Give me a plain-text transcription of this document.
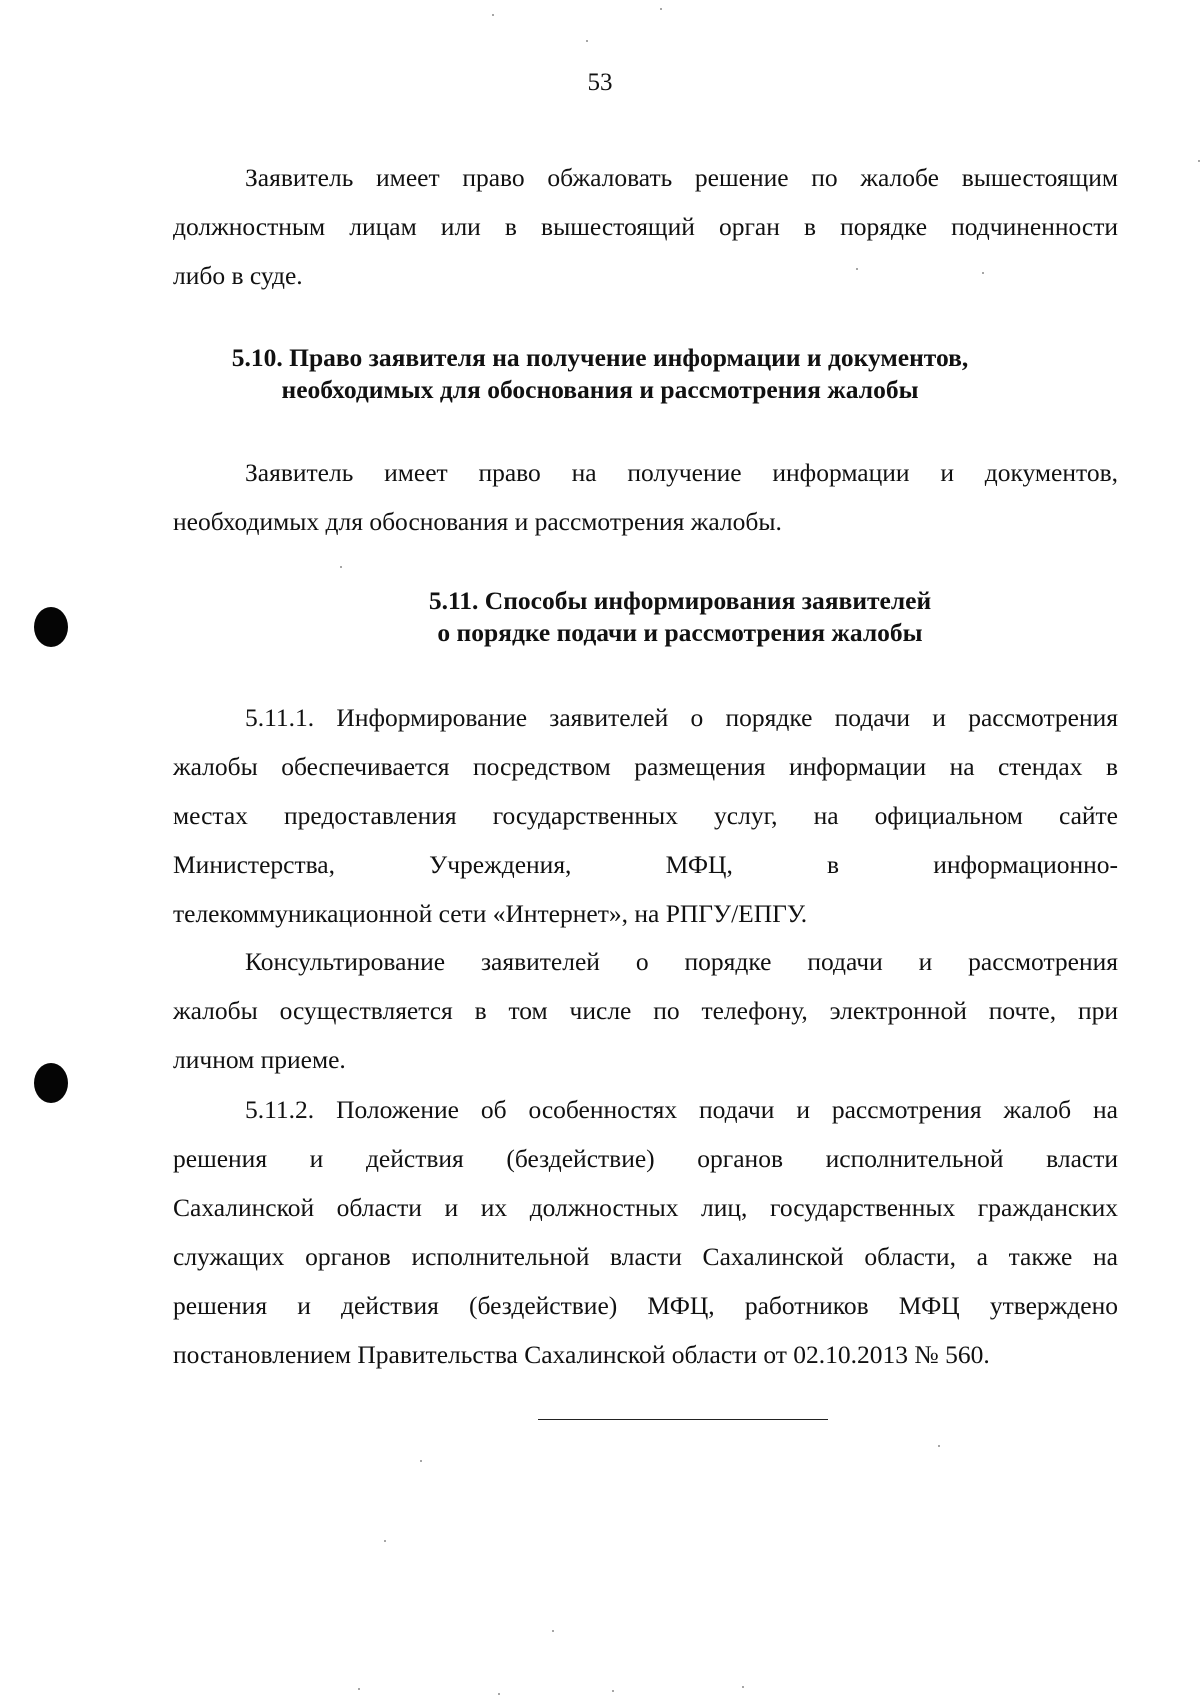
53
Заявитель имеет право обжаловать решение по жалобе вышестоящим
должностным лицам или в вышестоящий орган в порядке подчиненности
либо в суде.
5.10. Право заявителя на получение информации и документов,
необходимых для обоснования и рассмотрения жалобы
Заявитель имеет право на получение информации и документов,
необходимых для обоснования и рассмотрения жалобы.
5.11. Способы информирования заявителей
о порядке подачи и рассмотрения жалобы
5.11.1. Информирование заявителей о порядке подачи и рассмотрения
жалобы обеспечивается посредством размещения информации на стендах в
местах предоставления государственных услуг, на официальном сайте
Министерства, Учреждения, МФЦ, в информационно-
телекоммуникационной сети «Интернет», на РПГУ/ЕПГУ.
Консультирование заявителей о порядке подачи и рассмотрения
жалобы осуществляется в том числе по телефону, электронной почте, при
личном приеме.
5.11.2. Положение об особенностях подачи и рассмотрения жалоб на
решения и действия (бездействие) органов исполнительной власти
Сахалинской области и их должностных лиц, государственных гражданских
служащих органов исполнительной власти Сахалинской области, а также на
решения и действия (бездействие) МФЦ, работников МФЦ утверждено
постановлением Правительства Сахалинской области от 02.10.2013 № 560.
